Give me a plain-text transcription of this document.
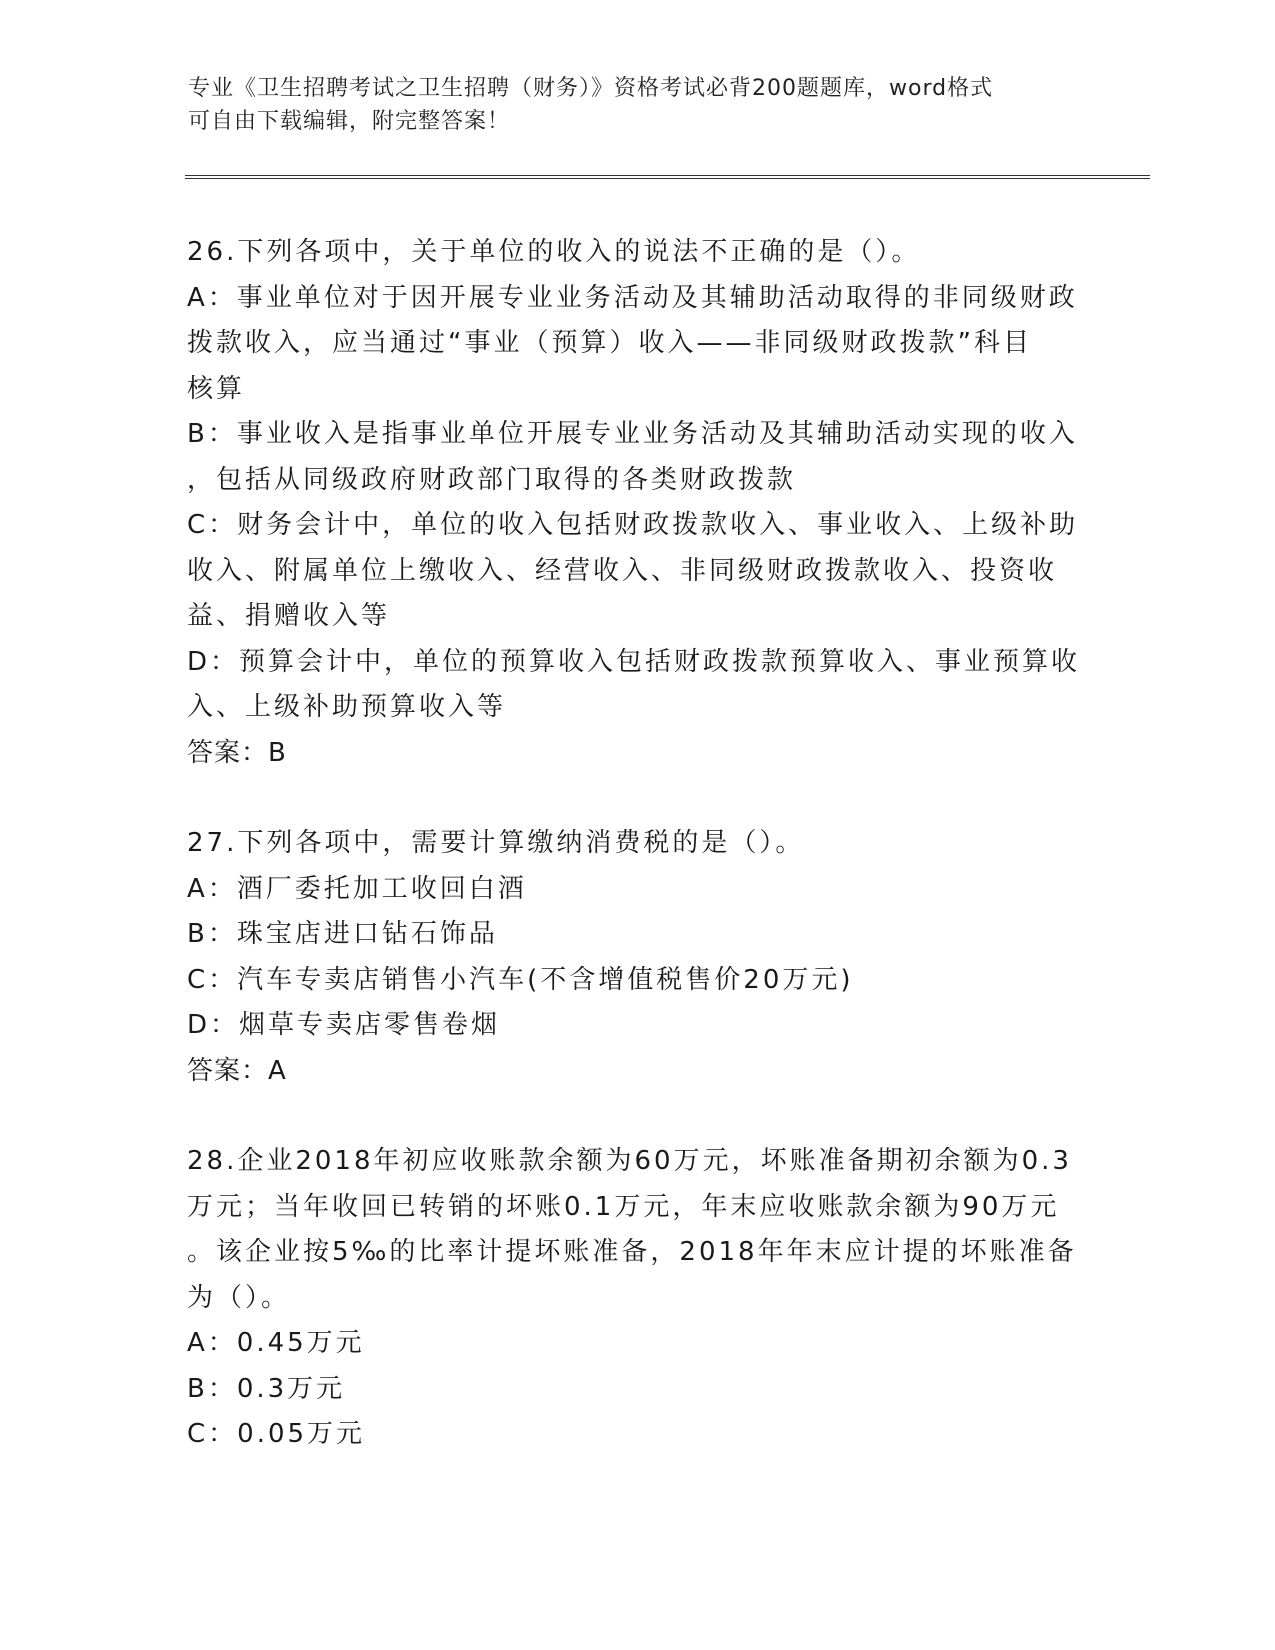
专业《卫生招聘考试之卫生招聘（财务）》资格考试必背200题题库，word格式
可自由下载编辑，附完整答案！

26.下列各项中，关于单位的收入的说法不正确的是（）。

A：事业单位对于因开展专业业务活动及其辅助活动取得的非同级财政

拨款收入，应当通过“事业（预算）收入——非同级财政拨款”科目

核算

B：事业收入是指事业单位开展专业业务活动及其辅助活动实现的收入

，包括从同级政府财政部门取得的各类财政拨款

C：财务会计中，单位的收入包括财政拨款收入、事业收入、上级补助

收入、附属单位上缴收入、经营收入、非同级财政拨款收入、投资收

益、捐赠收入等

D：预算会计中，单位的预算收入包括财政拨款预算收入、事业预算收

入、上级补助预算收入等

答案：B

27.下列各项中，需要计算缴纳消费税的是（）。

A：酒厂委托加工收回白酒

B：珠宝店进口钻石饰品

C：汽车专卖店销售小汽车(不含增值税售价20万元)

D：烟草专卖店零售卷烟

答案：A

28.企业2018年初应收账款余额为60万元，坏账准备期初余额为0.3

万元；当年收回已转销的坏账0.1万元，年末应收账款余额为90万元

。该企业按5‰的比率计提坏账准备，2018年年末应计提的坏账准备

为（）。

A：0.45万元

B：0.3万元

C：0.05万元
